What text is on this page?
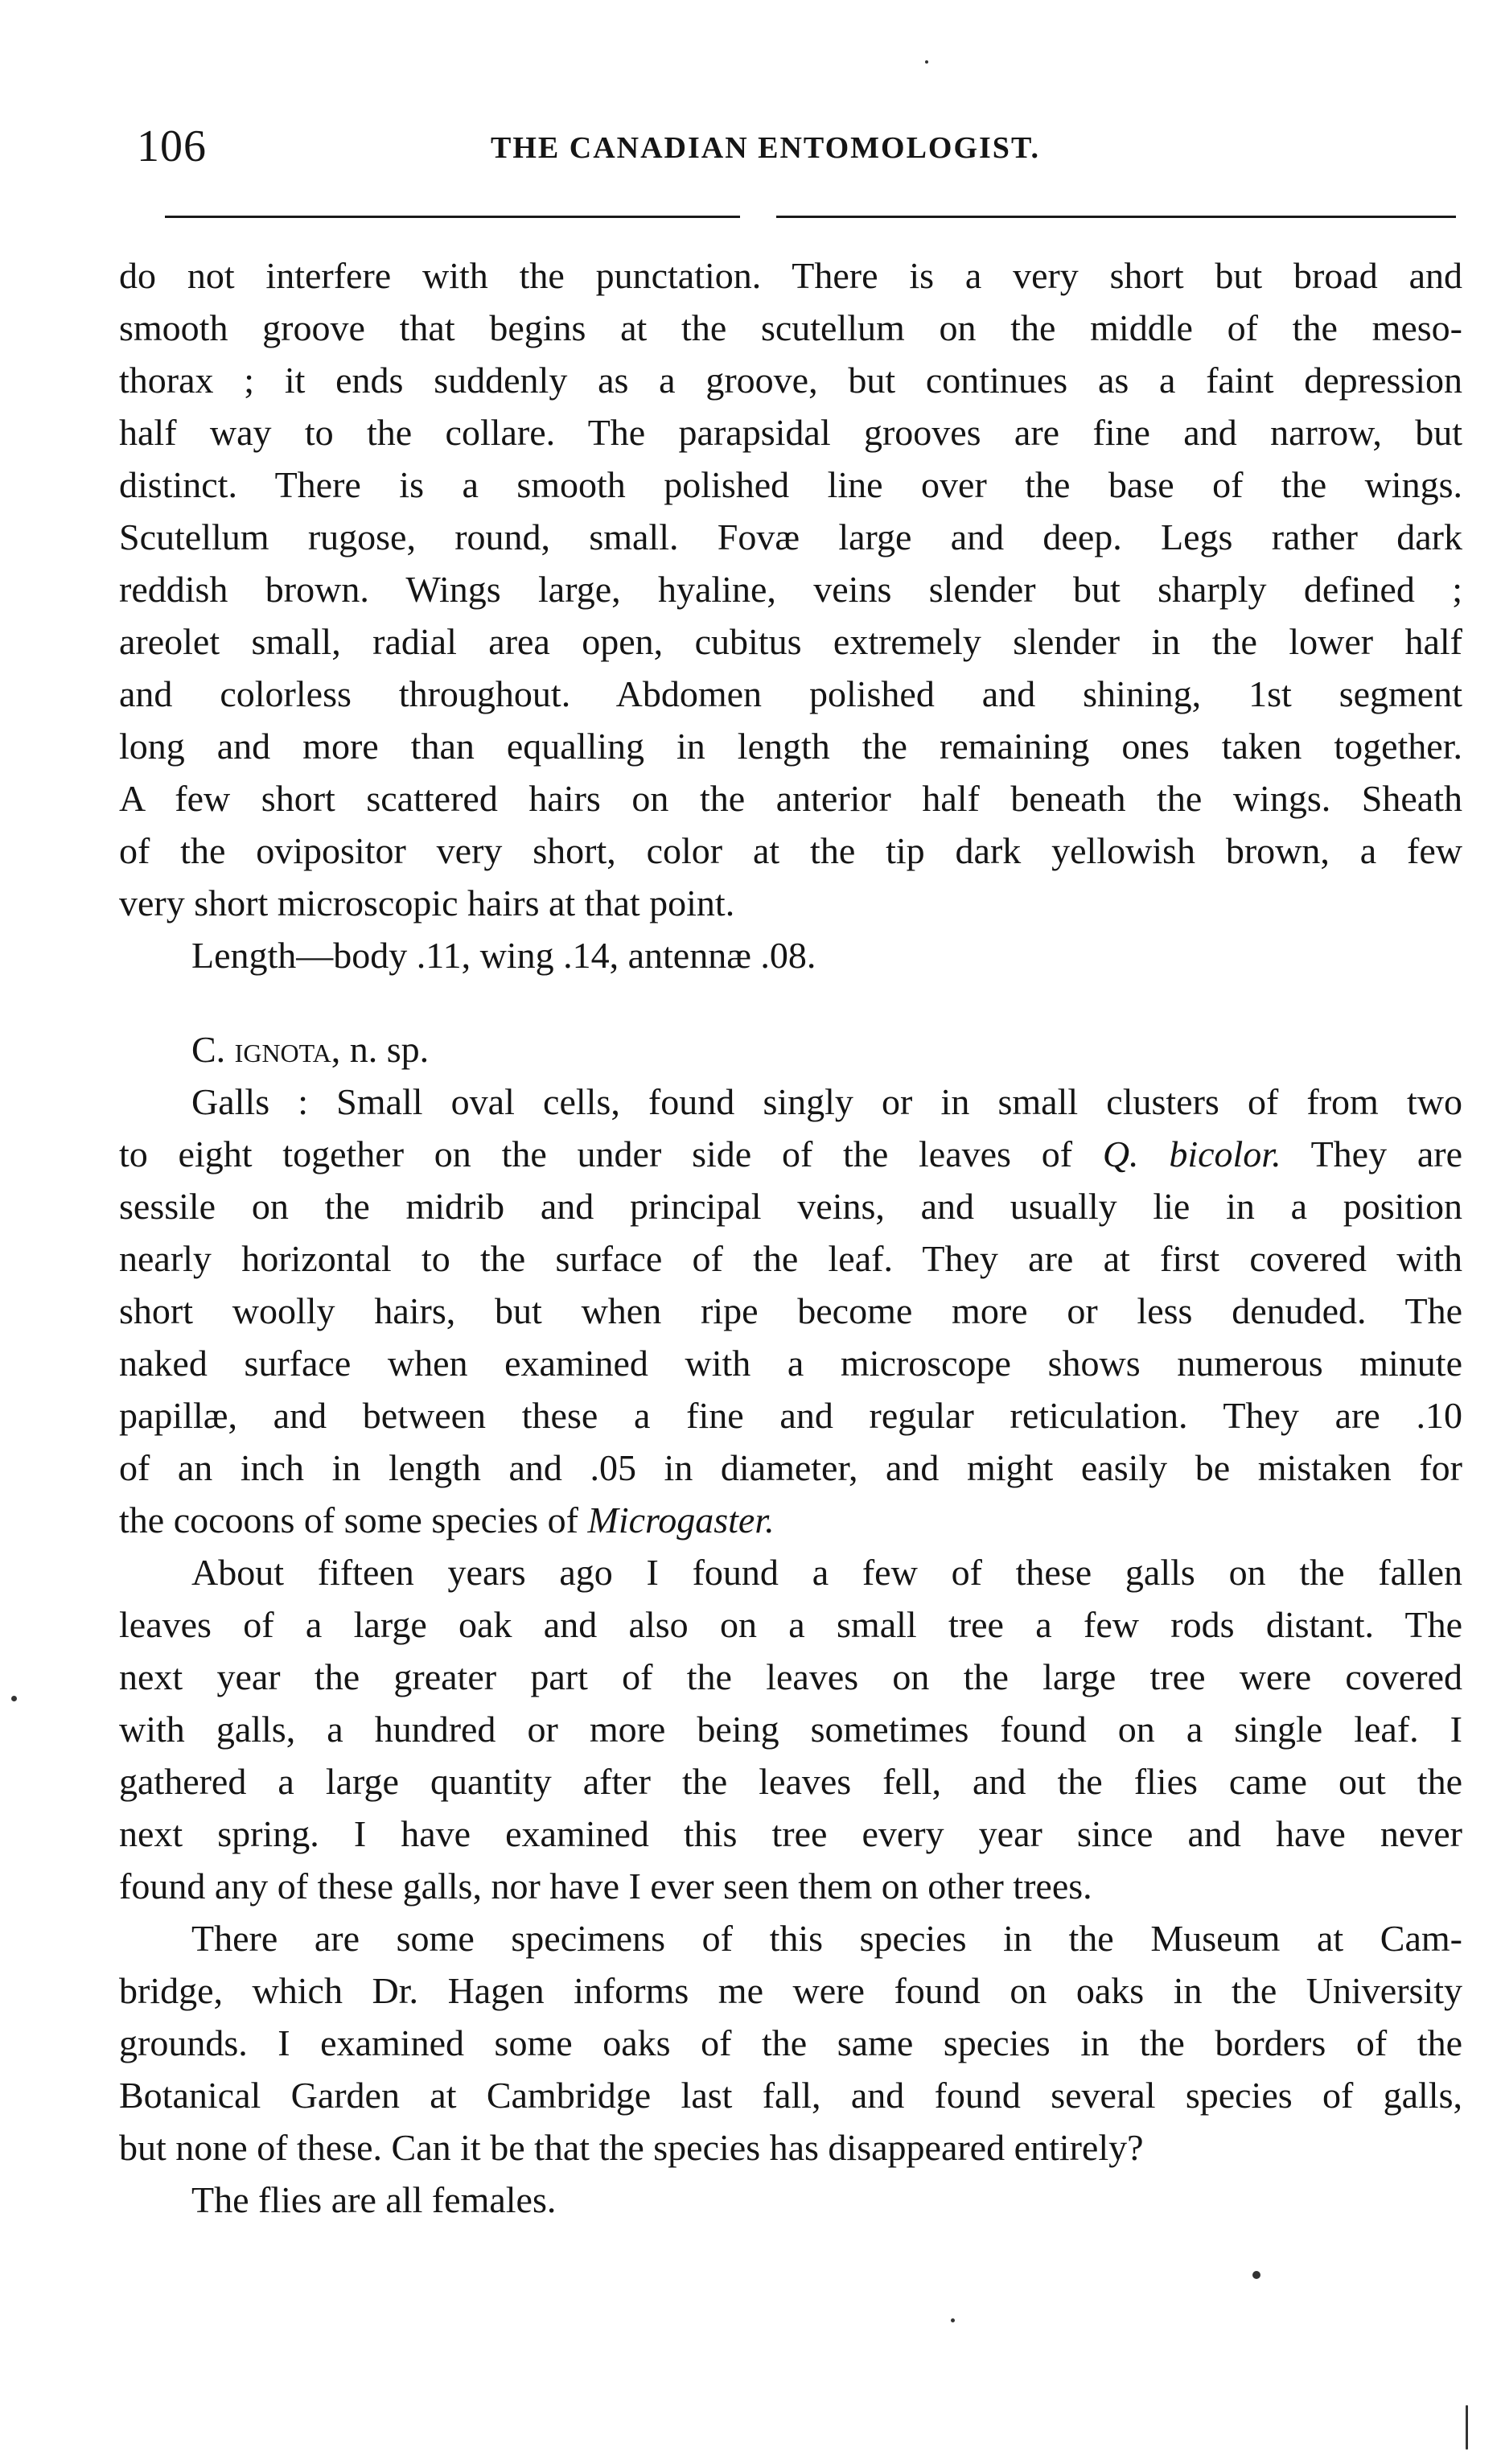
106	THE CANADIAN ENTOMOLOGIST.
do not interfere with the punctation. There is a very short but broad and
smooth groove that begins at the scutellum on the middle of the meso-
thorax ; it ends suddenly as a groove, but continues as a faint depression
half way to the collare. The parapsidal grooves are fine and narrow, but
distinct. There is a smooth polished line over the base of the wings.
Scutellum rugose, round, small. Fovæ large and deep. Legs rather dark
reddish brown. Wings large, hyaline, veins slender but sharply defined ;
areolet small, radial area open, cubitus extremely slender in the lower half
and colorless throughout. Abdomen polished and shining, 1st segment
long and more than equalling in length the remaining ones taken together.
A few short scattered hairs on the anterior half beneath the wings. Sheath
of the ovipositor very short, color at the tip dark yellowish brown, a few
very short microscopic hairs at that point.
Length—body .11, wing .14, antennæ .08.
C. ignota, n. sp.
Galls : Small oval cells, found singly or in small clusters of from two
to eight together on the under side of the leaves of Q. bicolor. They are
sessile on the midrib and principal veins, and usually lie in a position
nearly horizontal to the surface of the leaf. They are at first covered with
short woolly hairs, but when ripe become more or less denuded. The
naked surface when examined with a microscope shows numerous minute
papillæ, and between these a fine and regular reticulation. They are .10
of an inch in length and .05 in diameter, and might easily be mistaken for
the cocoons of some species of Microgaster.
About fifteen years ago I found a few of these galls on the fallen
leaves of a large oak and also on a small tree a few rods distant. The
next year the greater part of the leaves on the large tree were covered
with galls, a hundred or more being sometimes found on a single leaf. I
gathered a large quantity after the leaves fell, and the flies came out the
next spring. I have examined this tree every year since and have never
found any of these galls, nor have I ever seen them on other trees.
There are some specimens of this species in the Museum at Cam-
bridge, which Dr. Hagen informs me were found on oaks in the University
grounds. I examined some oaks of the same species in the borders of the
Botanical Garden at Cambridge last fall, and found several species of galls,
but none of these. Can it be that the species has disappeared entirely?
The flies are all females.
